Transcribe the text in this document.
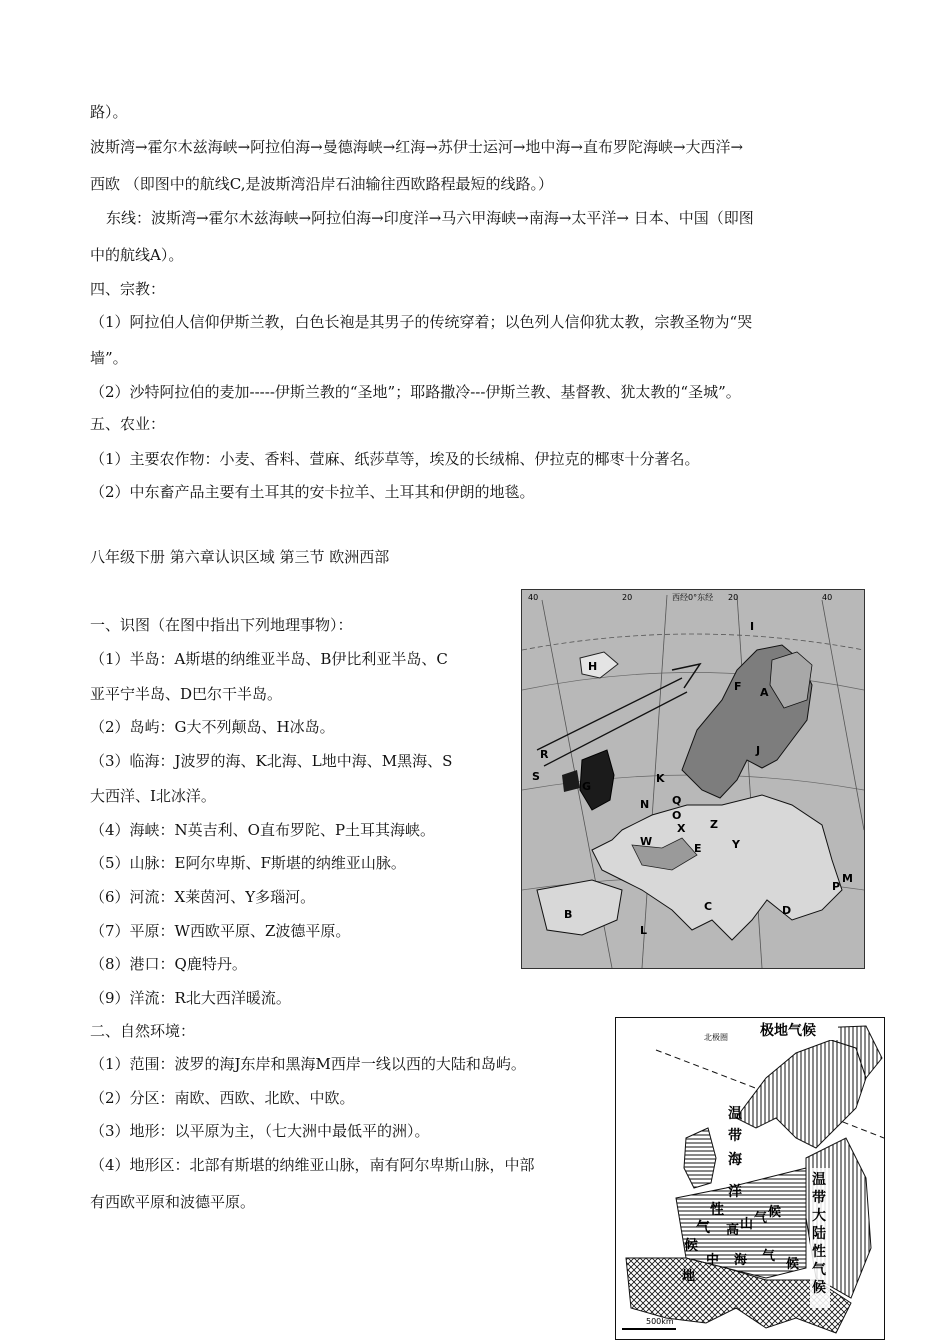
路）。
波斯湾→霍尔木兹海峡→阿拉伯海→曼德海峡→红海→苏伊士运河→地中海→直布罗陀海峡→大西洋→
西欧 （即图中的航线C,是波斯湾沿岸石油输往西欧路程最短的线路。）
东线：波斯湾→霍尔木兹海峡→阿拉伯海→印度洋→马六甲海峡→南海→太平洋→ 日本、中国（即图
中的航线A）。
四、宗教：
（1）阿拉伯人信仰伊斯兰教，白色长袍是其男子的传统穿着；以色列人信仰犹太教，宗教圣物为“哭
墙”。
（2）沙特阿拉伯的麦加-----伊斯兰教的“圣地”；耶路撒冷---伊斯兰教、基督教、犹太教的“圣城”。
五、农业：
（1）主要农作物：小麦、香料、萱麻、纸莎草等，埃及的长绒棉、伊拉克的椰枣十分著名。
（2）中东畜产品主要有土耳其的安卡拉羊、土耳其和伊朗的地毯。
八年级下册 第六章认识区域 第三节 欧洲西部
一、识图（在图中指出下列地理事物）：
（1）半岛：A斯堪的纳维亚半岛、B伊比利亚半岛、C
亚平宁半岛、D巴尔干半岛。
（2）岛屿：G大不列颠岛、H冰岛。
（3）临海：J波罗的海、K北海、L地中海、M黑海、S
大西洋、I北冰洋。
（4）海峡：N英吉利、O直布罗陀、P土耳其海峡。
（5）山脉：E阿尔卑斯、F斯堪的纳维亚山脉。
（6）河流：X莱茵河、Y多瑙河。
（7）平原：W西欧平原、Z波德平原。
（8）港口：Q鹿特丹。
（9）洋流：R北大西洋暖流。
二、自然环境：
（1）范围：波罗的海J东岸和黑海M西岸一线以西的大陆和岛屿。
（2）分区：南欧、西欧、北欧、中欧。
（3）地形：以平原为主，（七大洲中最低平的洲）。
（4）地形区：北部有斯堪的纳维亚山脉，南有阿尔卑斯山脉，中部
有西欧平原和波德平原。
西经0°东经
40	20	20	40
H
I
F A
R
S
G
K
J
N Q
O
X Z
W	Y
E
P
M
C
B
L
D
北极圈 极地气候
温
带
海
洋
性
气
候
温
带
大
陆
性
气
候
高 山 气 候
地
中 海 气
候
500km
